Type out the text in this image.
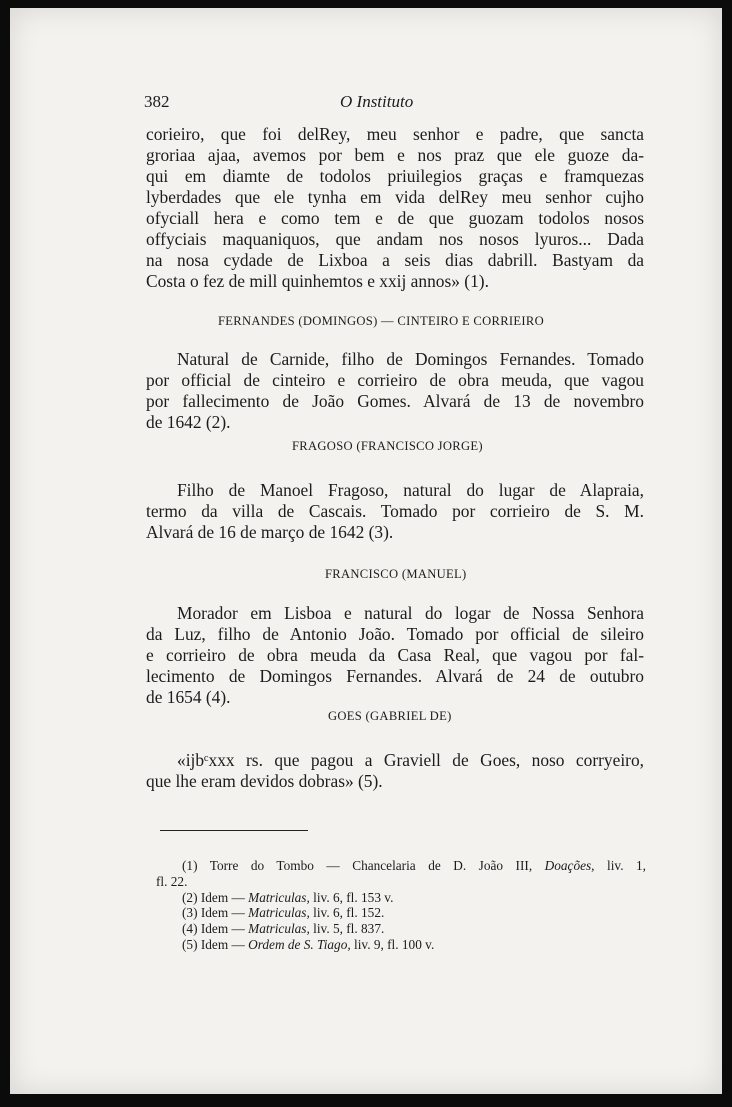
382	O Instituto
corieiro, que foi delRey, meu senhor e padre, que sancta
groriaa ajaa, avemos por bem e nos praz que ele guoze da-
qui em diamte de todolos priuilegios graças e framquezas
lyberdades que ele tynha em vida delRey meu senhor cujho
ofyciall hera e como tem e de que guozam todolos nosos
offyciais maquaniquos, que andam nos nosos lyuros... Dada
na nosa cydade de Lixboa a seis dias dabrill. Bastyam da
Costa o fez de mill quinhemtos e xxij annos» (1).
FERNANDES (DOMINGOS) — CINTEIRO E CORRIEIRO
Natural de Carnide, filho de Domingos Fernandes. Tomado
por official de cinteiro e corrieiro de obra meuda, que vagou
por fallecimento de João Gomes. Alvará de 13 de novembro
de 1642 (2).
FRAGOSO (FRANCISCO JORGE)
Filho de Manoel Fragoso, natural do lugar de Alapraia,
termo da villa de Cascais. Tomado por corrieiro de S. M.
Alvará de 16 de março de 1642 (3).
FRANCISCO (MANUEL)
Morador em Lisboa e natural do logar de Nossa Senhora
da Luz, filho de Antonio João. Tomado por official de sileiro
e corrieiro de obra meuda da Casa Real, que vagou por fal-
lecimento de Domingos Fernandes. Alvará de 24 de outubro
de 1654 (4).
GOES (GABRIEL DE)
«ijbᶜxxx rs. que pagou a Graviell de Goes, noso corryeiro,
que lhe eram devidos dobras» (5).
(1) Torre do Tombo — Chancelaria de D. João III, Doações, liv. 1,
fl. 22.
(2) Idem — Matriculas, liv. 6, fl. 153 v.
(3) Idem — Matriculas, liv. 6, fl. 152.
(4) Idem — Matriculas, liv. 5, fl. 837.
(5) Idem — Ordem de S. Tiago, liv. 9, fl. 100 v.
